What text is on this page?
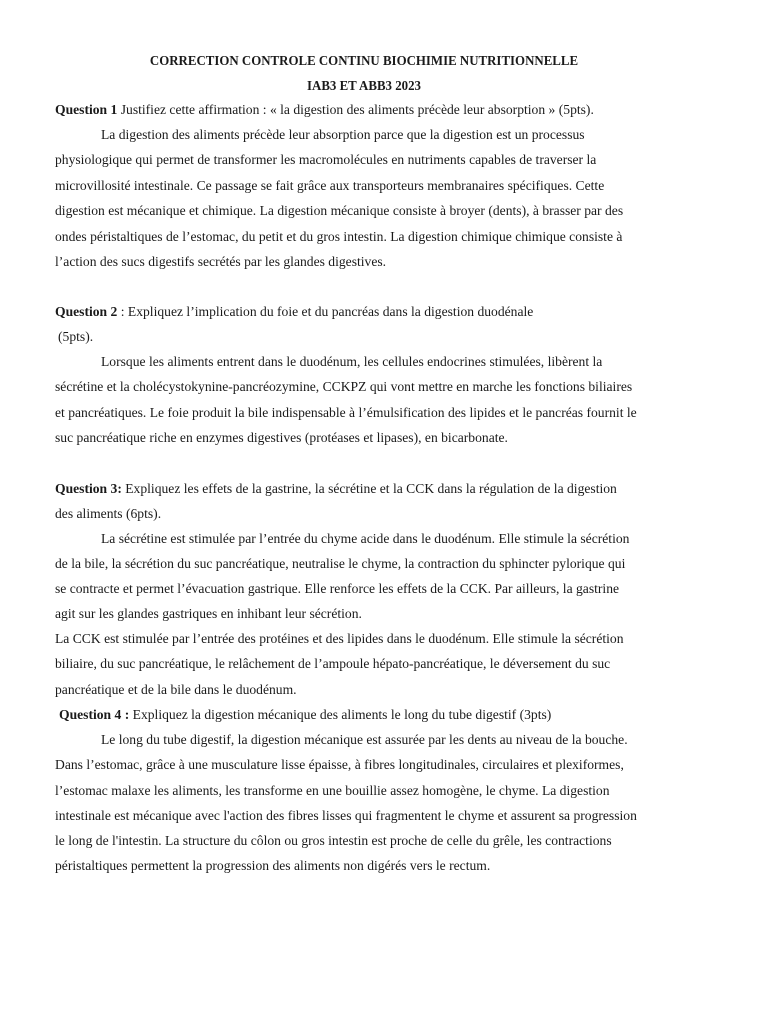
CORRECTION CONTROLE CONTINU BIOCHIMIE NUTRITIONNELLE
IAB3 ET ABB3 2023
Question 1 Justifiez cette affirmation : « la digestion des aliments précède leur absorption » (5pts).
La digestion des aliments précède leur absorption parce que la digestion est un processus
physiologique qui permet de transformer les macromolécules en nutriments capables de traverser la
microvillosité intestinale. Ce passage se fait grâce aux transporteurs membranaires spécifiques. Cette
digestion est mécanique et chimique. La digestion mécanique consiste à broyer (dents), à brasser par des
ondes péristaltiques de l’estomac, du petit et du gros intestin. La digestion chimique chimique consiste à
l’action des sucs digestifs secrétés par les glandes digestives.
Question 2 : Expliquez l’implication du foie et du pancréas dans la digestion duodénale
(5pts).
Lorsque les aliments entrent dans le duodénum, les cellules endocrines stimulées, libèrent la
sécrétine et la cholécystokynine-pancréozymine, CCKPZ qui vont mettre en marche les fonctions biliaires
et pancréatiques. Le foie produit la bile indispensable à l’émulsification des lipides et le pancréas fournit le
suc pancréatique riche en enzymes digestives (protéases et lipases), en bicarbonate.
Question 3: Expliquez les effets de la gastrine, la sécrétine et la CCK dans la régulation de la digestion
des aliments (6pts).
La sécrétine est stimulée par l’entrée du chyme acide dans le duodénum. Elle stimule la sécrétion
de la bile, la sécrétion du suc pancréatique, neutralise le chyme, la contraction du sphincter pylorique qui
se contracte et permet l’évacuation gastrique. Elle renforce les effets de la CCK. Par ailleurs, la gastrine
agit sur les glandes gastriques en inhibant leur sécrétion.
La CCK est stimulée par l’entrée des protéines et des lipides dans le duodénum. Elle stimule la sécrétion
biliaire, du suc pancréatique, le relâchement de l’ampoule hépato-pancréatique, le déversement du suc
pancréatique et de la bile dans le duodénum.
Question 4 : Expliquez la digestion mécanique des aliments le long du tube digestif (3pts)
Le long du tube digestif, la digestion mécanique est assurée par les dents au niveau de la bouche.
Dans l’estomac, grâce à une musculature lisse épaisse, à fibres longitudinales, circulaires et plexiformes,
l’estomac malaxe les aliments, les transforme en une bouillie assez homogène, le chyme. La digestion
intestinale est mécanique avec l'action des fibres lisses qui fragmentent le chyme et assurent sa progression
le long de l'intestin. La structure du côlon ou gros intestin est proche de celle du grêle, les contractions
péristaltiques permettent la progression des aliments non digérés vers le rectum.
